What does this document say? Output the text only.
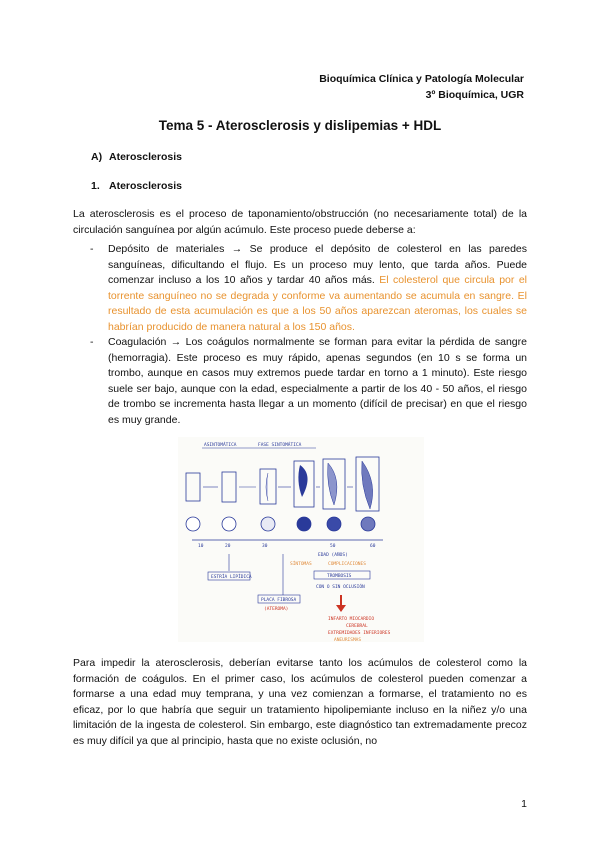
Bioquímica Clínica y Patología Molecular
3º Bioquímica, UGR
Tema 5 - Aterosclerosis y dislipemias + HDL
A) Aterosclerosis
1. Aterosclerosis
La aterosclerosis es el proceso de taponamiento/obstrucción (no necesariamente total) de la circulación sanguínea por algún acúmulo. Este proceso puede deberse a:
- Depósito de materiales → Se produce el depósito de colesterol en las paredes sanguíneas, dificultando el flujo. Es un proceso muy lento, que tarda años. Puede comenzar incluso a los 10 años y tardar 40 años más. El colesterol que circula por el torrente sanguíneo no se degrada y conforme va aumentando se acumula en sangre. El resultado de esta acumulación es que a los 50 años aparezcan ateromas, los cuales se habrían producido de manera natural a los 150 años.
- Coagulación → Los coágulos normalmente se forman para evitar la pérdida de sangre (hemorragia). Este proceso es muy rápido, apenas segundos (en 10 s se forma un trombo, aunque en casos muy extremos puede tardar en torno a 1 minuto). Este riesgo suele ser bajo, aunque con la edad, especialmente a partir de los 40 - 50 años, el riesgo de trombo se incrementa hasta llegar a un momento (difícil de precisar) en que el riesgo es muy grande.
ASINTOMÁTICA	FASE SINTOMÁTICA
10	20	30	50	60
EDAD (AÑOS)
SÍNTOMAS	COMPLICACIONES
ESTRÍA LIPÍDICA
PLACA FIBROSA
(ATEROMA)
TROMBOSIS
CON O SIN OCLUSIÓN
INFARTO MIOCARDIO
CEREBRAL
EXTREMIDADES INFERIORES
ANEURISMAS
Para impedir la aterosclerosis, deberían evitarse tanto los acúmulos de colesterol como la formación de coágulos. En el primer caso, los acúmulos de colesterol pueden comenzar a formarse a una edad muy temprana, y una vez comienzan a formarse, el tratamiento no es eficaz, por lo que habría que seguir un tratamiento hipolipemiante incluso en la niñez y/o una limitación de la ingesta de colesterol. Sin embargo, este diagnóstico tan extremadamente precoz es muy difícil ya que al principio, hasta que no existe oclusión, no
1
